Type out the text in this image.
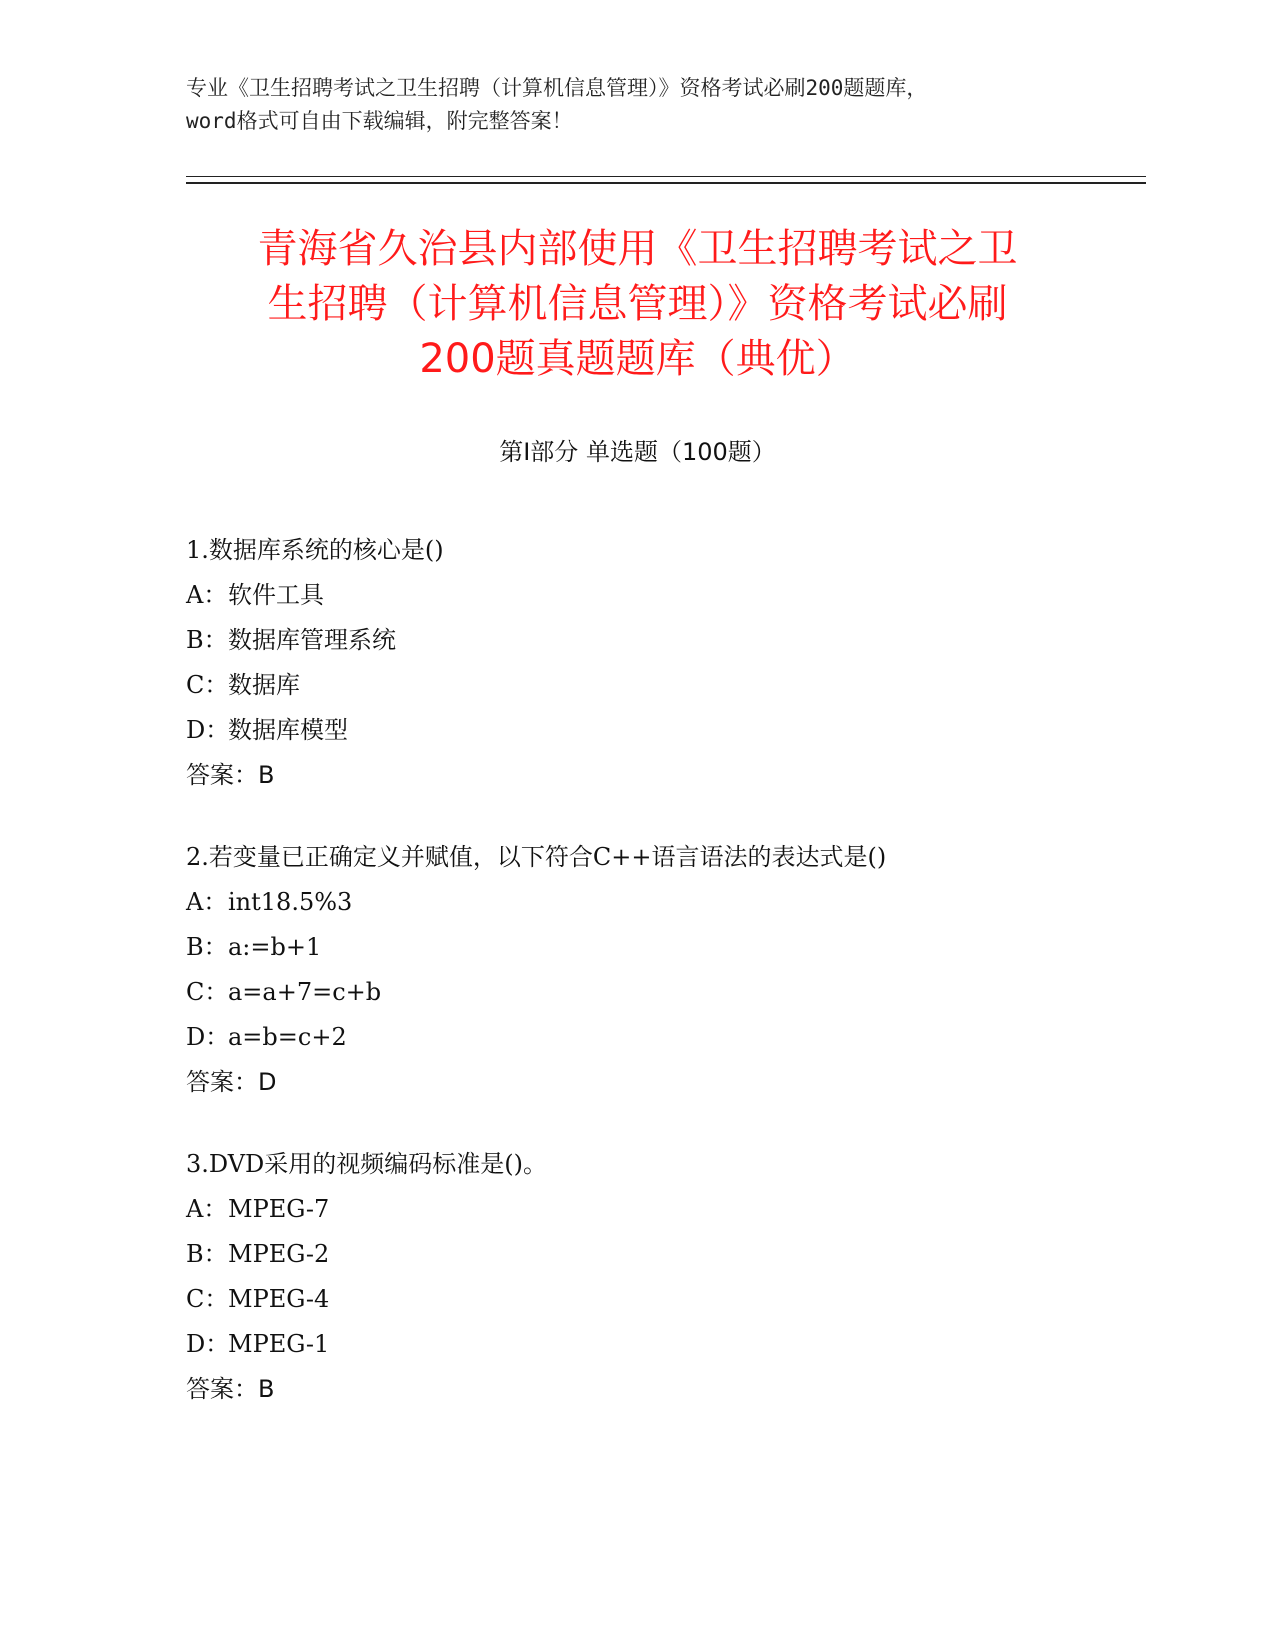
专业《卫生招聘考试之卫生招聘（计算机信息管理）》资格考试必刷200题题库，
word格式可自由下载编辑，附完整答案！
青海省久治县内部使用《卫生招聘考试之卫
生招聘（计算机信息管理）》资格考试必刷
200题真题题库（典优）
第Ⅰ部分 单选题（100题）
1.数据库系统的核心是()
A：软件工具
B：数据库管理系统
C：数据库
D：数据库模型
答案：B
2.若变量已正确定义并赋值，以下符合C++语言语法的表达式是()
A：int18.5%3
B：a:=b+1
C：a=a+7=c+b
D：a=b=c+2
答案：D
3.DVD采用的视频编码标准是()。
A：MPEG-7
B：MPEG-2
C：MPEG-4
D：MPEG-1
答案：B
